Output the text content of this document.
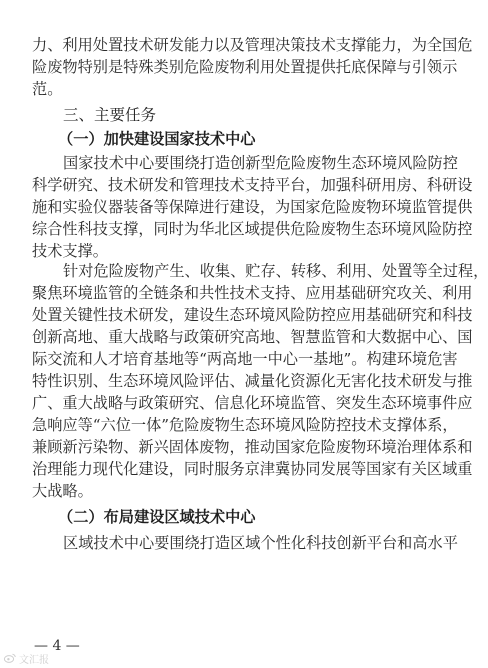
力、利用处置技术研发能力以及管理决策技术支撑能力，为全国危
险废物特别是特殊类别危险废物利用处置提供托底保障与引领示
范。
三、主要任务
（一）加快建设国家技术中心
国家技术中心要围绕打造创新型危险废物生态环境风险防控
科学研究、技术研发和管理技术支持平台，加强科研用房、科研设
施和实验仪器装备等保障进行建设，为国家危险废物环境监管提供
综合性科技支撑，同时为华北区域提供危险废物生态环境风险防控
技术支撑。
针对危险废物产生、收集、贮存、转移、利用、处置等全过程，
聚焦环境监管的全链条和共性技术支持、应用基础研究攻关、利用
处置关键性技术研发，建设生态环境风险防控应用基础研究和科技
创新高地、重大战略与政策研究高地、智慧监管和大数据中心、国
际交流和人才培育基地等“两高地一中心一基地”。构建环境危害
特性识别、生态环境风险评估、减量化资源化无害化技术研发与推
广、重大战略与政策研究、信息化环境监管、突发生态环境事件应
急响应等“六位一体”危险废物生态环境风险防控技术支撑体系，
兼顾新污染物、新兴固体废物，推动国家危险废物环境治理体系和
治理能力现代化建设，同时服务京津冀协同发展等国家有关区域重
大战略。
（二）布局建设区域技术中心
区域技术中心要围绕打造区域个性化科技创新平台和高水平
— 4 —
文汇报
